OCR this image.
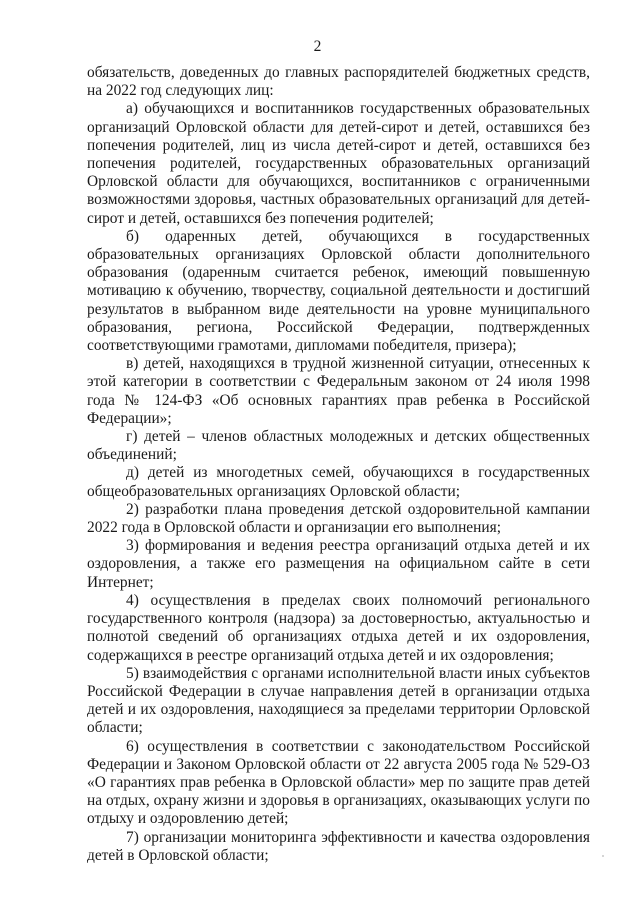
2

обязательств, доведенных до главных распорядителей бюджетных средств, на 2022 год следующих лиц:

а) обучающихся и воспитанников государственных образовательных организаций Орловской области для детей-сирот и детей, оставшихся без попечения родителей, лиц из числа детей-сирот и детей, оставшихся без попечения родителей, государственных образовательных организаций Орловской области для обучающихся, воспитанников с ограниченными возможностями здоровья, частных образовательных организаций для детей-сирот и детей, оставшихся без попечения родителей;

б) одаренных детей, обучающихся в государственных образовательных организациях Орловской области дополнительного образования (одаренным считается ребенок, имеющий повышенную мотивацию к обучению, творчеству, социальной деятельности и достигший результатов в выбранном виде деятельности на уровне муниципального образования, региона, Российской Федерации, подтвержденных соответствующими грамотами, дипломами победителя, призера);

в) детей, находящихся в трудной жизненной ситуации, отнесенных к этой категории в соответствии с Федеральным законом от 24 июля 1998 года № 124-ФЗ «Об основных гарантиях прав ребенка в Российской Федерации»;

г) детей – членов областных молодежных и детских общественных объединений;

д) детей из многодетных семей, обучающихся в государственных общеобразовательных организациях Орловской области;

2) разработки плана проведения детской оздоровительной кампании 2022 года в Орловской области и организации его выполнения;

3) формирования и ведения реестра организаций отдыха детей и их оздоровления, а также его размещения на официальном сайте в сети Интернет;

4) осуществления в пределах своих полномочий регионального государственного контроля (надзора) за достоверностью, актуальностью и полнотой сведений об организациях отдыха детей и их оздоровления, содержащихся в реестре организаций отдыха детей и их оздоровления;

5) взаимодействия с органами исполнительной власти иных субъектов Российской Федерации в случае направления детей в организации отдыха детей и их оздоровления, находящиеся за пределами территории Орловской области;

6) осуществления в соответствии с законодательством Российской Федерации и Законом Орловской области от 22 августа 2005 года № 529-ОЗ «О гарантиях прав ребенка в Орловской области» мер по защите прав детей на отдых, охрану жизни и здоровья в организациях, оказывающих услуги по отдыху и оздоровлению детей;

7) организации мониторинга эффективности и качества оздоровления детей в Орловской области;
